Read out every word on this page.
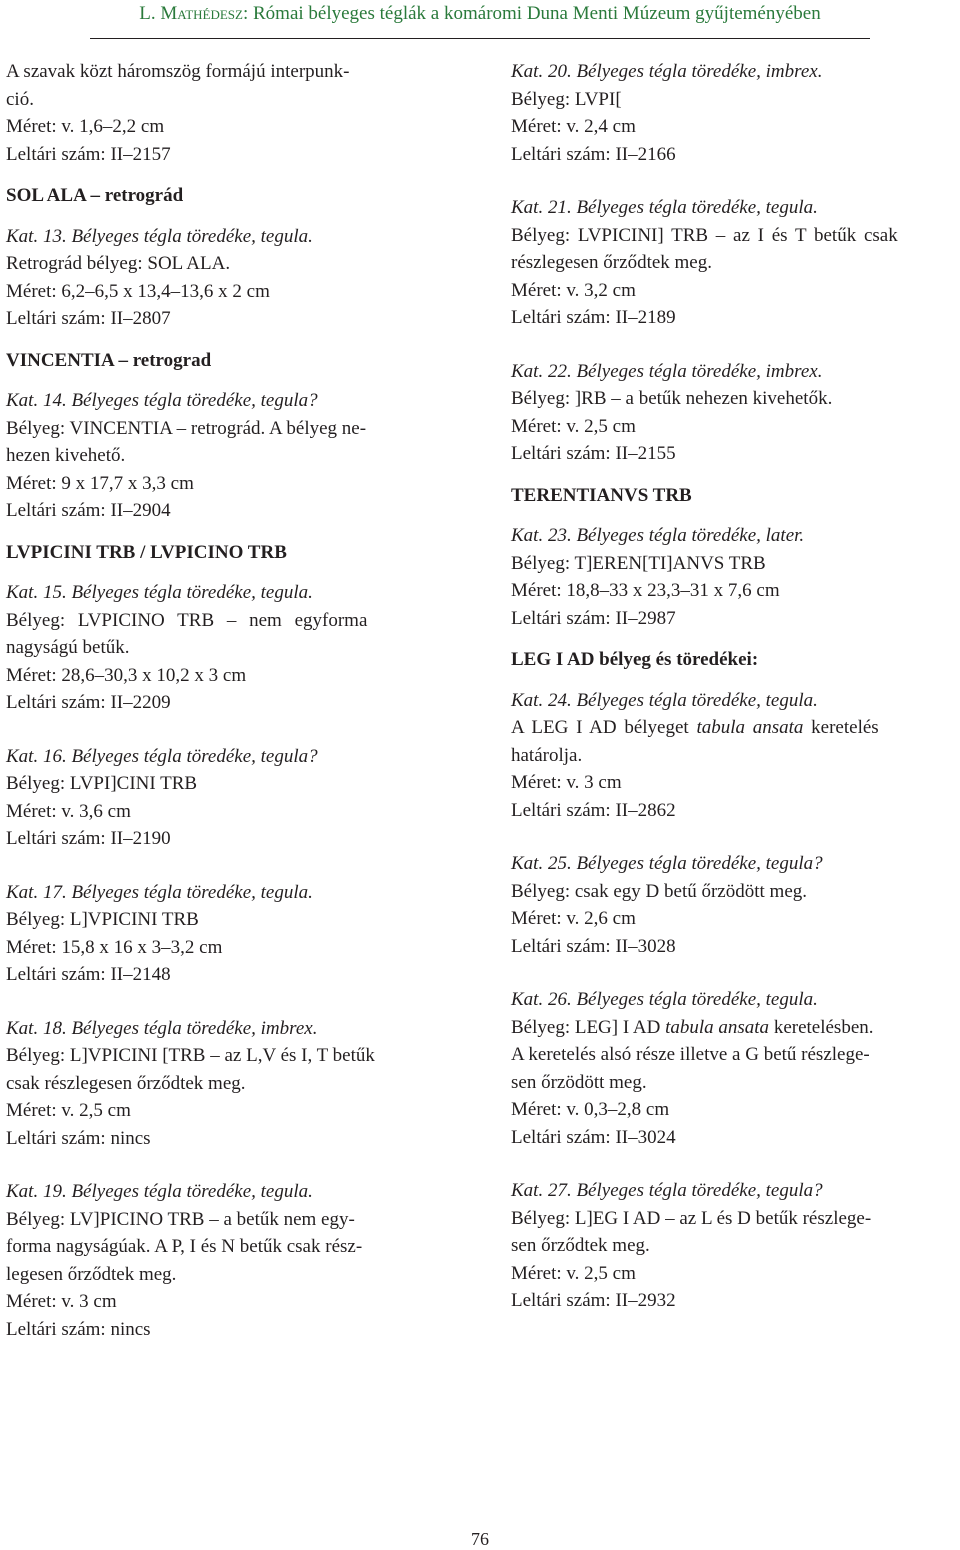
L. Mathédesz: Római bélyeges téglák a komáromi Duna Menti Múzeum gyűjteményében

A szavak közt háromszög formájú interpunk-

ció.

Méret: v. 1,6–2,2 cm

Leltári szám: II–2157

SOL ALA – retrográd

Kat. 13. Bélyeges tégla töredéke, tegula.

Retrográd bélyeg: SOL ALA.

Méret: 6,2–6,5 x 13,4–13,6 x 2 cm

Leltári szám: II–2807

VINCENTIA – retrograd

Kat. 14. Bélyeges tégla töredéke, tegula?

Bélyeg: VINCENTIA – retrográd. A bélyeg ne-

hezen kivehető.

Méret: 9 x 17,7 x 3,3 cm

Leltári szám: II–2904

LVPICINI TRB / LVPICINO TRB

Kat. 15. Bélyeges tégla töredéke, tegula.

Bélyeg: LVPICINO TRB – nem egyforma

nagyságú betűk.

Méret: 28,6–30,3 x 10,2 x 3 cm

Leltári szám: II–2209

Kat. 16. Bélyeges tégla töredéke, tegula?

Bélyeg: LVPI]CINI TRB

Méret: v. 3,6 cm

Leltári szám: II–2190

Kat. 17. Bélyeges tégla töredéke, tegula.

Bélyeg: L]VPICINI TRB

Méret: 15,8 x 16 x 3–3,2 cm

Leltári szám: II–2148

Kat. 18. Bélyeges tégla töredéke, imbrex.

Bélyeg: L]VPICINI [TRB – az L,V és I, T betűk

csak részlegesen őrződtek meg.

Méret: v. 2,5 cm

Leltári szám: nincs

Kat. 19. Bélyeges tégla töredéke, tegula.

Bélyeg: LV]PICINO TRB – a betűk nem egy-

forma nagyságúak. A P, I és N betűk csak rész-

legesen őrződtek meg.

Méret: v. 3 cm

Leltári szám: nincs

Kat. 20. Bélyeges tégla töredéke, imbrex.

Bélyeg: LVPI[

Méret: v. 2,4 cm

Leltári szám: II–2166

Kat. 21. Bélyeges tégla töredéke, tegula.

Bélyeg: LVPICINI] TRB – az I és T betűk csak

részlegesen őrződtek meg.

Méret: v. 3,2 cm

Leltári szám: II–2189

Kat. 22. Bélyeges tégla töredéke, imbrex.

Bélyeg: ]RB – a betűk nehezen kivehetők.

Méret: v. 2,5 cm

Leltári szám: II–2155

TERENTIANVS TRB

Kat. 23. Bélyeges tégla töredéke, later.

Bélyeg: T]EREN[TI]ANVS TRB

Méret: 18,8–33 x 23,3–31 x 7,6 cm

Leltári szám: II–2987

LEG I AD bélyeg és töredékei:

Kat. 24. Bélyeges tégla töredéke, tegula.

A LEG I AD bélyeget tabula ansata keretelés

határolja.

Méret: v. 3 cm

Leltári szám: II–2862

Kat. 25. Bélyeges tégla töredéke, tegula?

Bélyeg: csak egy D betű őrzödött meg.

Méret: v. 2,6 cm

Leltári szám: II–3028

Kat. 26. Bélyeges tégla töredéke, tegula.

Bélyeg: LEG] I AD tabula ansata keretelésben.

A keretelés alsó része illetve a G betű részlege-

sen őrzödött meg.

Méret: v. 0,3–2,8 cm

Leltári szám: II–3024

Kat. 27. Bélyeges tégla töredéke, tegula?

Bélyeg: L]EG I AD – az L és D betűk részlege-

sen őrződtek meg.

Méret: v. 2,5 cm

Leltári szám: II–2932

76
